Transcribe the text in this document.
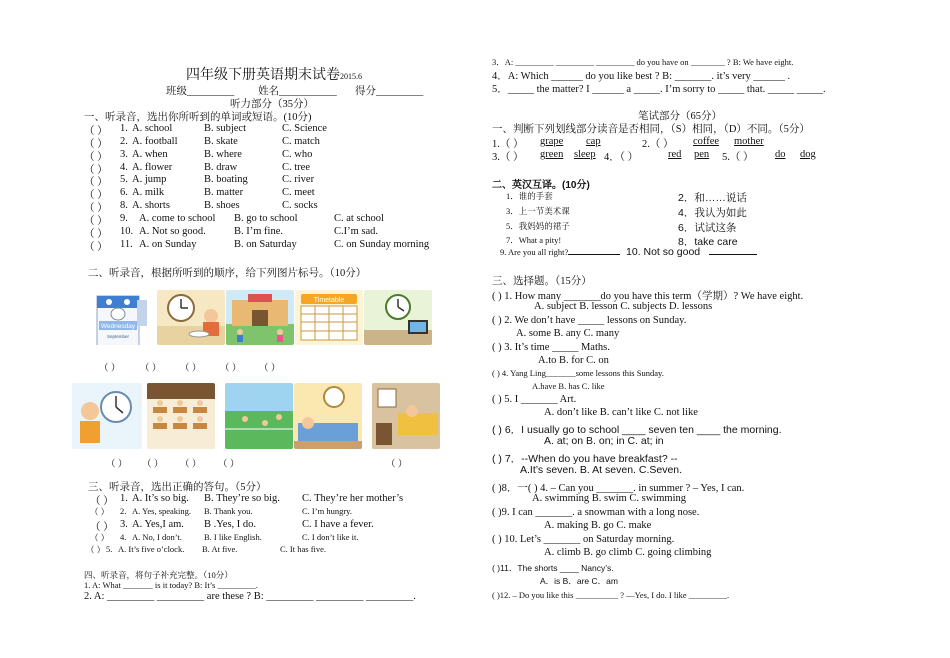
四年级下册英语期末试卷2015.6
班级_________ 姓名___________ 得分_________
听力部分（35分）
一、听录音，选出你所听到的单词或短语。(10分)
（ ） 1. A. school	B. subject	C. Science
（ ） 2. A. football	B. skate	C. match
（ ） 3. A. when	B. where	C. who
（ ） 4. A. flower	B. draw	C. tree
（ ） 5. A. jump	B. boating	C. river
（ ） 6. A. milk	B. matter	C. meet
（ ） 8. A. shorts	B. shoes	C. socks
（ ） 9. A. come to school B. go to school	C. at school
（ ） 10. A. Not so good.	B. I’m fine.	C.I’m sad.
（ ） 11. A. on Sunday	B. on Saturday	C. on Sunday morning
二、听录音，根据所听到的顺序，给下列图片标号。（10分）
Wednesday
September
Timetable
（ ） （ ） （ ） （ ） （ ）
（ ） （ ） （ ） （ ）	（ ）
三、听录音，选出正确的答句。（5分）
（ ） 1. A. It’s so big. B. They’re so big. C. They’re her mother’s
（ ） 2. A. Yes, speaking. B. Thank you.	C. I’m hungry.
（ ） 3. A. Yes,I am. B .Yes, I do.	C. I have a fever.
（ ） 4. A. No, I don’t.	B. I like English.	C. I don’t like it.
（ ） 5. A. It’s five o’clock. B. At five.	C. It has five.
四、听录音，将句子补充完整。（10分）
1. A: What _______ is it today? B: It’s _________.
2. A: _________ _________ are these ? B: _________ _________ _________.
3．A: _________ _________ _________ do you have on ________ ? B: We have eight.
4．A: Which ______ do you like best ? B: _______. it’s very ______ .
5．_____ the matter? I ______ a _____. I’m sorry to _____ that. _____ _____.
笔试部分（65分）
一、判断下列划线部分读音是否相同，（S）相同，（D）不同。（5分）
1.（ ） grape cap	2.（ ） coffee mother
3.（ ） green sleep 4．（ ）	red pen 5.（ ） do dog
二、英汉互译。(10分)
1．谁的手套	2．和……说话
3．上一节美术课	4．我认为如此
5．我妈妈的裙子	6．试试这条
7．What a pity!	8．take care
9. Are you all right?	10. Not so good
三、选择题。（15分）
( ) 1. How many _______do you have this term（学期）? We have eight.
A. subject B. lesson C. subjects D. lessons
( ) 2. We don’t have _____ lessons on Sunday.
A. some B. any C. many
( ) 3. It’s time _____ Maths.
A.to B. for C. on
( ) 4. Yang Ling_______some lessons this Sunday.
A.have B. has C. like
( ) 5. I _______ Art.
A. don’t like B. can’t like C. not like
( ) 6．I usually go to school ____ seven ten ____ the morning.
A. at; on B. on; in C. at; in
( ) 7．--When do you have breakfast? --
A.It’s seven. B. At seven. C.Seven.
( )8．一( ) 4. – Can you _______. in summer ? – Yes, I can.
A. swimming B. swim C. swimming
( )9. I can _______. a snowman with a long nose.
A. making B. go C. make
( ) 10. Let’s _______ on Saturday morning.
A. climb B. go climb C. going climbing
( )11．The shorts ____ Nancy’s.
A．is B．are C．am
( )12. – Do you like this __________ ? —Yes, I do. I like _________.
